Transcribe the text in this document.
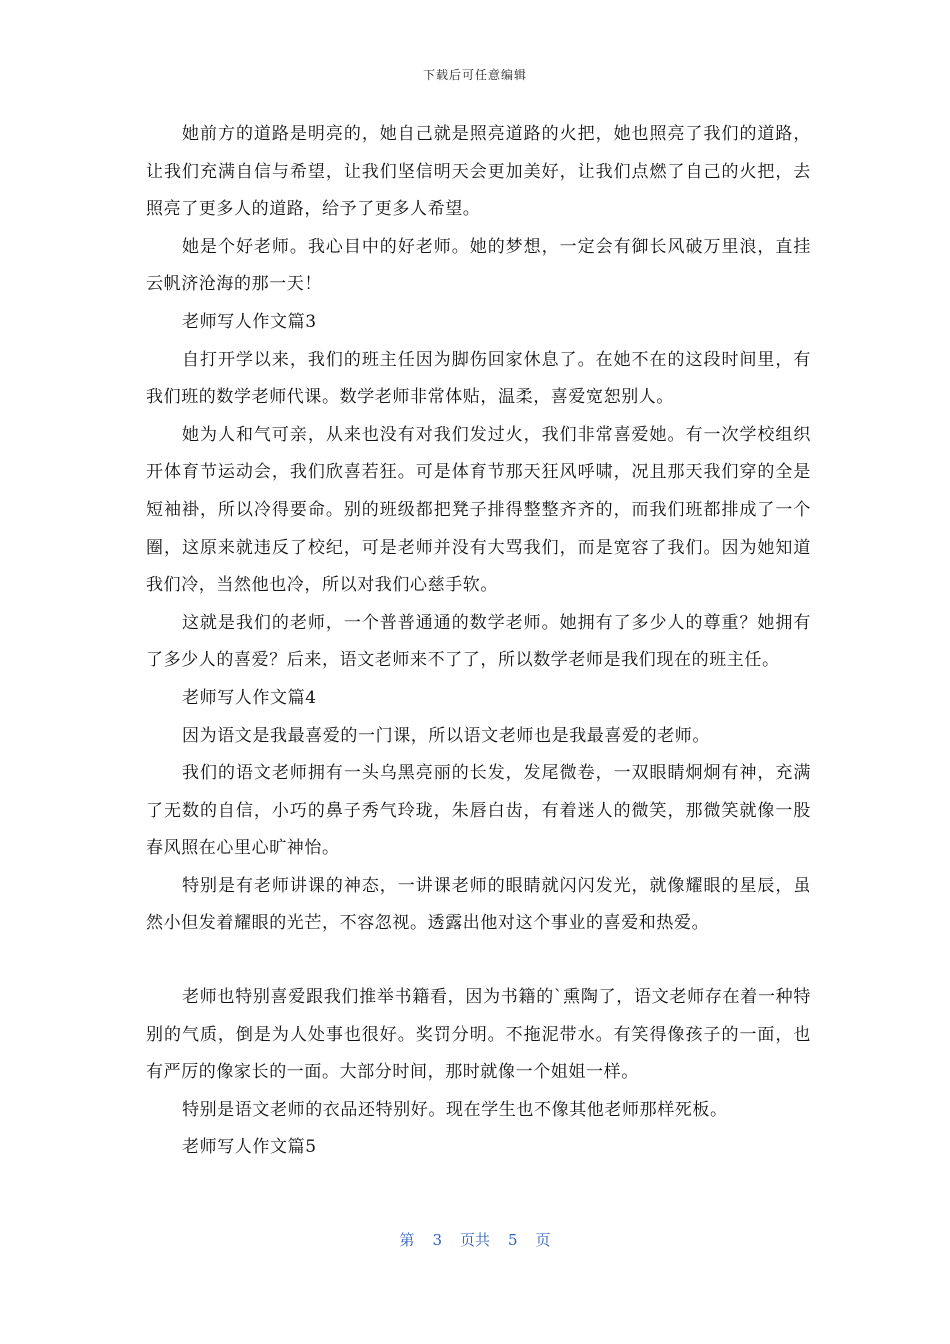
下载后可任意编辑

她前方的道路是明亮的，她自己就是照亮道路的火把，她也照亮了我们的道路，让我们充满自信与希望，让我们坚信明天会更加美好，让我们点燃了自己的火把，去照亮了更多人的道路，给予了更多人希望。

她是个好老师。我心目中的好老师。她的梦想，一定会有御长风破万里浪，直挂云帆济沧海的那一天！

老师写人作文篇3

自打开学以来，我们的班主任因为脚伤回家休息了。在她不在的这段时间里，有我们班的数学老师代课。数学老师非常体贴，温柔，喜爱宽恕别人。

她为人和气可亲，从来也没有对我们发过火，我们非常喜爱她。有一次学校组织开体育节运动会，我们欣喜若狂。可是体育节那天狂风呼啸，况且那天我们穿的全是短袖褂，所以冷得要命。别的班级都把凳子排得整整齐齐的，而我们班都排成了一个圈，这原来就违反了校纪，可是老师并没有大骂我们，而是宽容了我们。因为她知道我们冷，当然他也冷，所以对我们心慈手软。

这就是我们的老师，一个普普通通的数学老师。她拥有了多少人的尊重？她拥有了多少人的喜爱？后来，语文老师来不了了，所以数学老师是我们现在的班主任。

老师写人作文篇4

因为语文是我最喜爱的一门课，所以语文老师也是我最喜爱的老师。

我们的语文老师拥有一头乌黑亮丽的长发，发尾微卷，一双眼睛炯炯有神，充满了无数的自信，小巧的鼻子秀气玲珑，朱唇白齿，有着迷人的微笑，那微笑就像一股春风照在心里心旷神怡。

特别是有老师讲课的神态，一讲课老师的眼睛就闪闪发光，就像耀眼的星辰，虽然小但发着耀眼的光芒，不容忽视。透露出他对这个事业的喜爱和热爱。

老师也特别喜爱跟我们推举书籍看，因为书籍的`熏陶了，语文老师存在着一种特别的气质，倒是为人处事也很好。奖罚分明。不拖泥带水。有笑得像孩子的一面，也有严厉的像家长的一面。大部分时间，那时就像一个姐姐一样。

特别是语文老师的衣品还特别好。现在学生也不像其他老师那样死板。

老师写人作文篇5

第 3 页共 5 页
